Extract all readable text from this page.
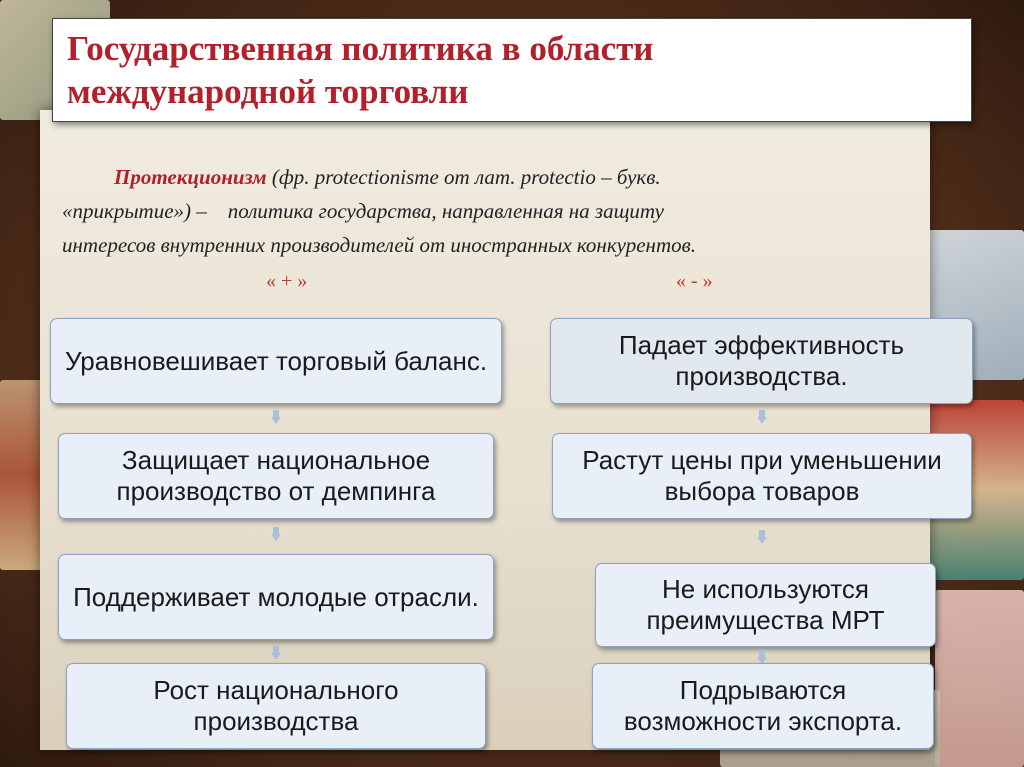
Государственная политика в области
международной торговли
Протекционизм (фр. protectionisme от лат. protectio – букв.
«прикрытие») –    политика государства, направленная на защиту
интересов внутренних производителей от иностранных конкурентов.
« + »	« - »
Уравновешивает торговый баланс.
Защищает национальное производство от демпинга
Поддерживает молодые отрасли.
Рост национального производства
Падает эффективность производства.
Растут цены при уменьшении выбора товаров
Не используются преимущества МРТ
Подрываются возможности экспорта.
